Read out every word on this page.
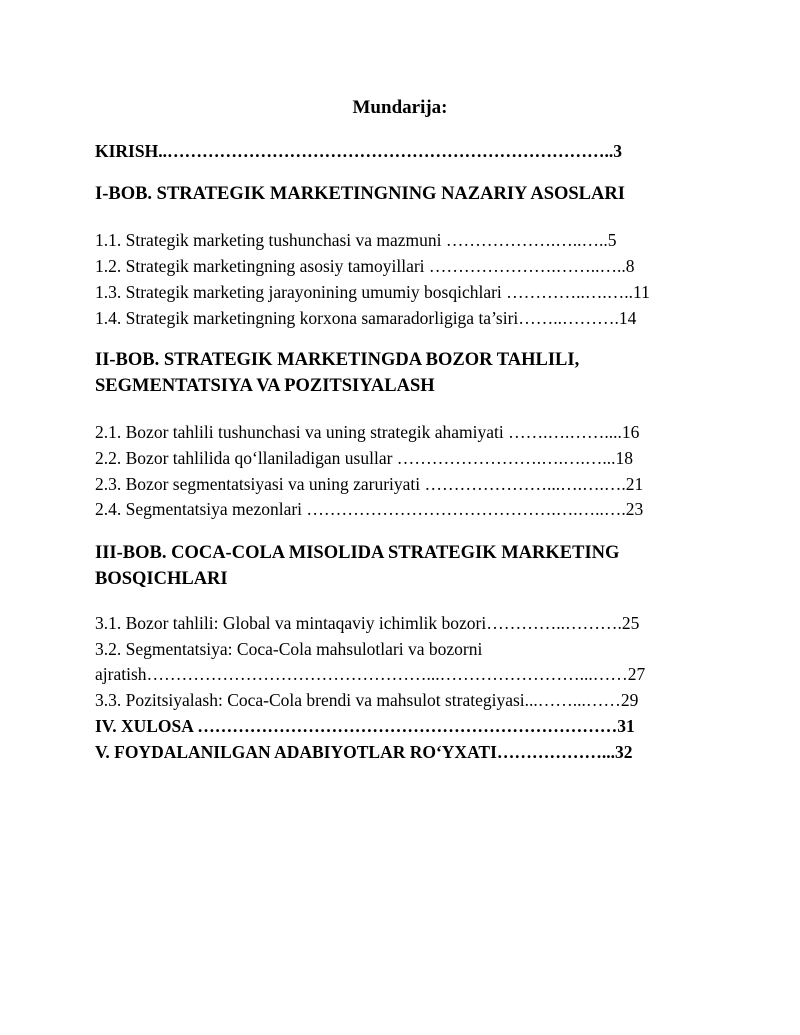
Mundarija:
KIRISH..…………………………………………………………………..3
I-BOB. STRATEGIK MARKETINGNING NAZARIY ASOSLARI
1.1. Strategik marketing tushunchasi va mazmuni ……………….…..…..5
1.2. Strategik marketingning asosiy tamoyillari ………………….……..…..8
1.3. Strategik marketing jarayonining umumiy bosqichlari …………..….…..11
1.4. Strategik marketingning korxona samaradorligiga ta’siri……..……….14
II-BOB. STRATEGIK MARKETINGDA BOZOR TAHLILI,
SEGMENTATSIYA VA POZITSIYALASH
2.1. Bozor tahlili tushunchasi va uning strategik ahamiyati …….….……....16
2.2. Bozor tahlilida qo‘llaniladigan usullar …………………….….….…...18
2.3. Bozor segmentatsiyasi va uning zaruriyati …………………...….….….21
2.4. Segmentatsiya mezonlari …………………………………….….…..….23
III-BOB. COCA-COLA MISOLIDA STRATEGIK MARKETING
BOSQICHLARI
3.1. Bozor tahlili: Global va mintaqaviy ichimlik bozori…………..……….25
3.2. Segmentatsiya: Coca-Cola mahsulotlari va bozorni
ajratish…………………………………………...……………………...……27
3.3. Pozitsiyalash: Coca-Cola brendi va mahsulot strategiyasi...……...……29
IV. XULOSA ………………………………………………………………31
V. FOYDALANILGAN ADABIYOTLAR RO‘YXATI………………...32
